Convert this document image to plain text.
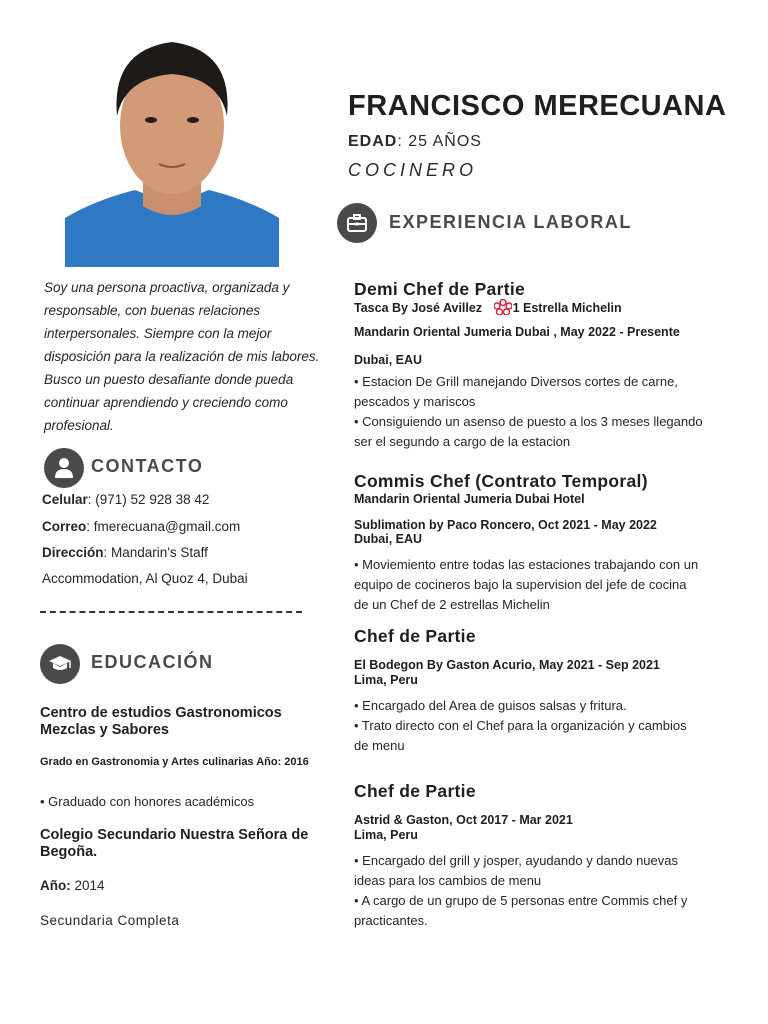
FRANCISCO MERECUANA
EDAD: 25 AÑOS
COCINERO
EXPERIENCIA LABORAL
Soy una persona proactiva, organizada y responsable, con buenas relaciones interpersonales. Siempre con la mejor disposición para la realización de mis labores. Busco un puesto desafiante donde pueda continuar aprendiendo y creciendo como profesional.
CONTACTO
Celular: (971) 52 928 38 42
Correo: fmerecuana@gmail.com
Dirección: Mandarin's Staff
Accommodation, Al Quoz 4, Dubai
EDUCACIÓN
Centro de estudios Gastronomicos Mezclas y Sabores
Grado en Gastronomia y Artes culinarias Año: 2016
• Graduado con honores académicos
Colegio Secundario Nuestra Señora de Begoña.
Año: 2014
Secundaria Completa
Demi Chef de Partie
Tasca By José Avillez 1 Estrella Michelin
Mandarin Oriental Jumeria Dubai , May 2022 - Presente
Dubai, EAU
• Estacion De Grill manejando Diversos cortes de carne, pescados y mariscos
• Consiguiendo un asenso de puesto a los 3 meses llegando ser el segundo a cargo de la estacion
Commis Chef (Contrato Temporal)
Mandarin Oriental Jumeria Dubai Hotel
Sublimation by Paco Roncero, Oct 2021 - May 2022
Dubai, EAU
• Moviemiento entre todas las estaciones trabajando con un equipo de cocineros bajo la supervision del jefe de cocina de un Chef de 2 estrellas Michelin
Chef de Partie
El Bodegon By Gaston Acurio, May 2021 - Sep 2021
Lima, Peru
• Encargado del Area de guisos salsas y fritura.
• Trato directo con el Chef para la organización y cambios de menu
Chef de Partie
Astrid & Gaston, Oct 2017 - Mar 2021
Lima, Peru
• Encargado del grill y josper, ayudando y dando nuevas ideas para los cambios de menu
• A cargo de un grupo de 5 personas entre Commis chef y practicantes.
